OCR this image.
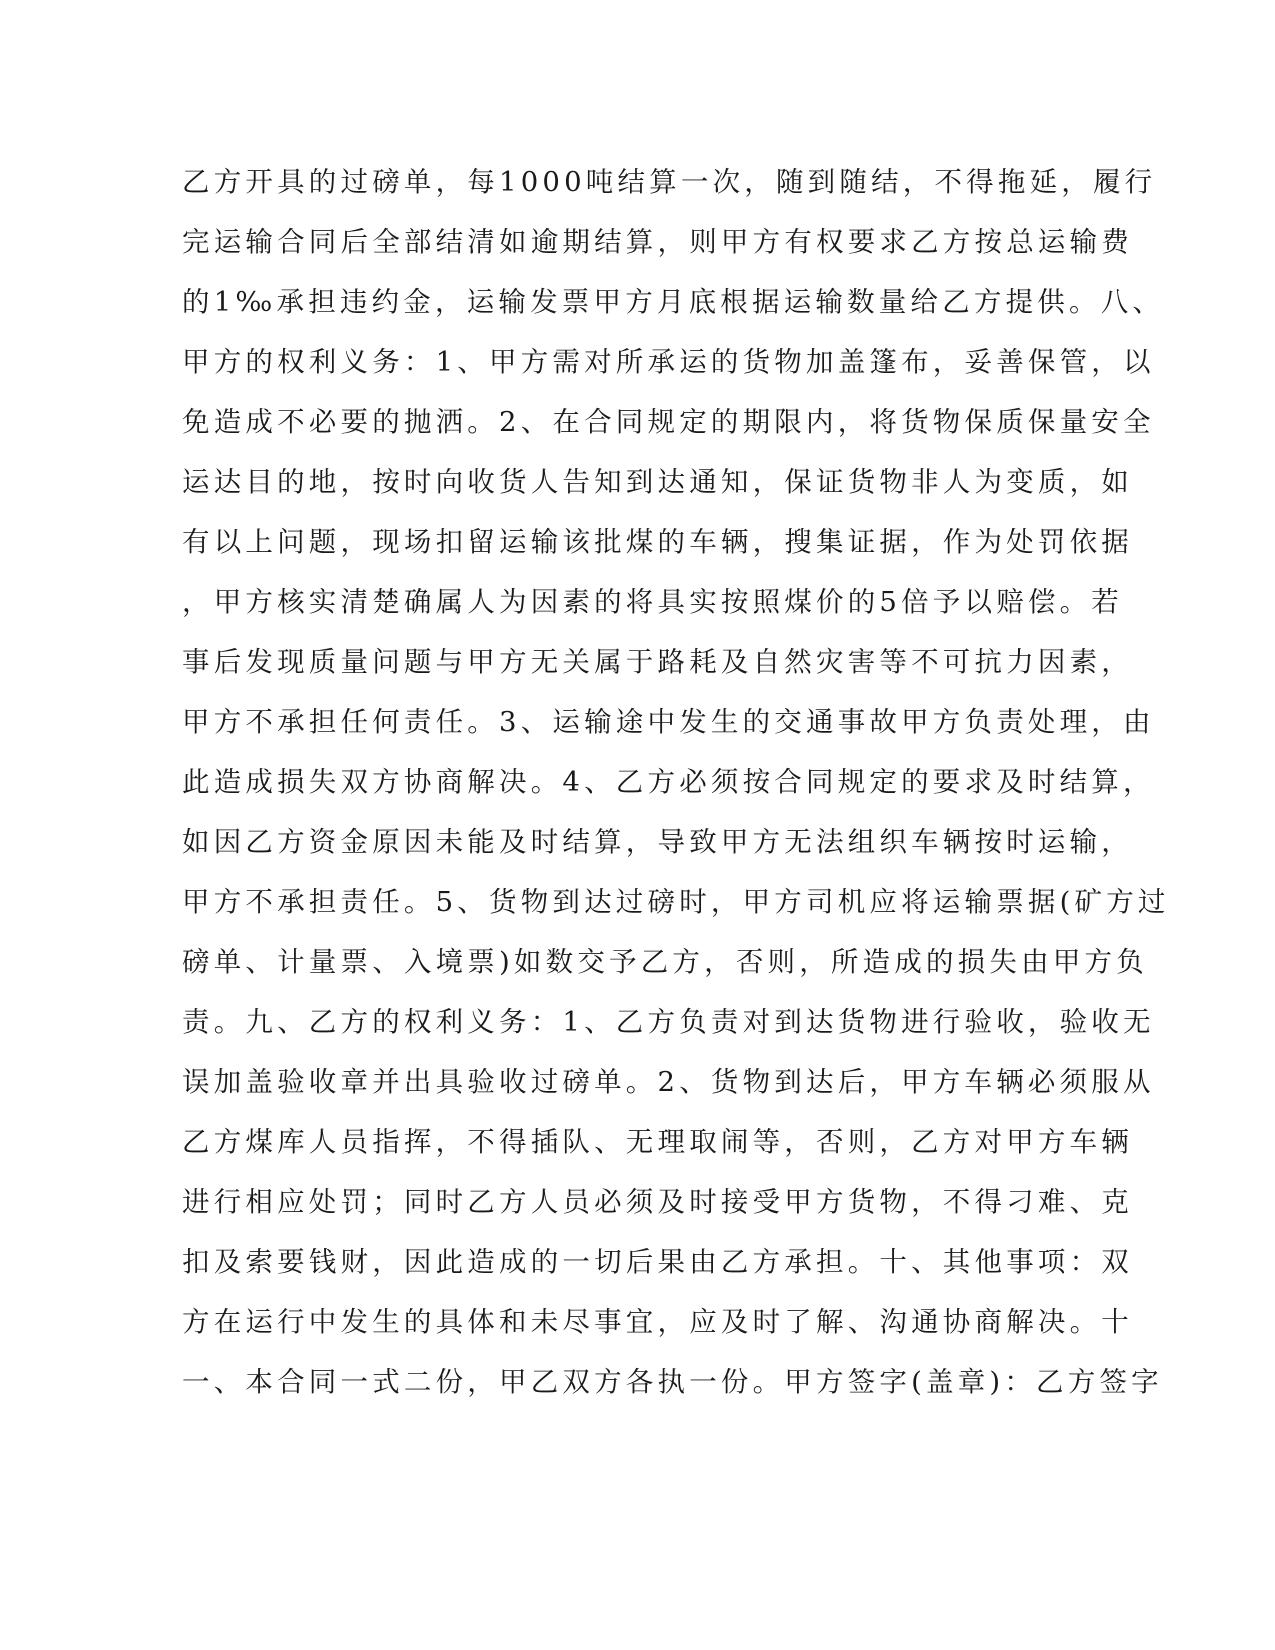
乙方开具的过磅单，每1000吨结算一次，随到随结，不得拖延，履行
完运输合同后全部结清如逾期结算，则甲方有权要求乙方按总运输费
的1‰承担违约金，运输发票甲方月底根据运输数量给乙方提供。八、
甲方的权利义务：1、甲方需对所承运的货物加盖篷布，妥善保管，以
免造成不必要的抛洒。2、在合同规定的期限内，将货物保质保量安全
运达目的地，按时向收货人告知到达通知，保证货物非人为变质，如
有以上问题，现场扣留运输该批煤的车辆，搜集证据，作为处罚依据
，甲方核实清楚确属人为因素的将具实按照煤价的5倍予以赔偿。若
事后发现质量问题与甲方无关属于路耗及自然灾害等不可抗力因素，
甲方不承担任何责任。3、运输途中发生的交通事故甲方负责处理，由
此造成损失双方协商解决。4、乙方必须按合同规定的要求及时结算，
如因乙方资金原因未能及时结算，导致甲方无法组织车辆按时运输，
甲方不承担责任。5、货物到达过磅时，甲方司机应将运输票据(矿方过
磅单、计量票、入境票)如数交予乙方，否则，所造成的损失由甲方负
责。九、乙方的权利义务：1、乙方负责对到达货物进行验收，验收无
误加盖验收章并出具验收过磅单。2、货物到达后，甲方车辆必须服从
乙方煤库人员指挥，不得插队、无理取闹等，否则，乙方对甲方车辆
进行相应处罚；同时乙方人员必须及时接受甲方货物，不得刁难、克
扣及索要钱财，因此造成的一切后果由乙方承担。十、其他事项：双
方在运行中发生的具体和未尽事宜，应及时了解、沟通协商解决。十
一、本合同一式二份，甲乙双方各执一份。甲方签字(盖章)：乙方签字
